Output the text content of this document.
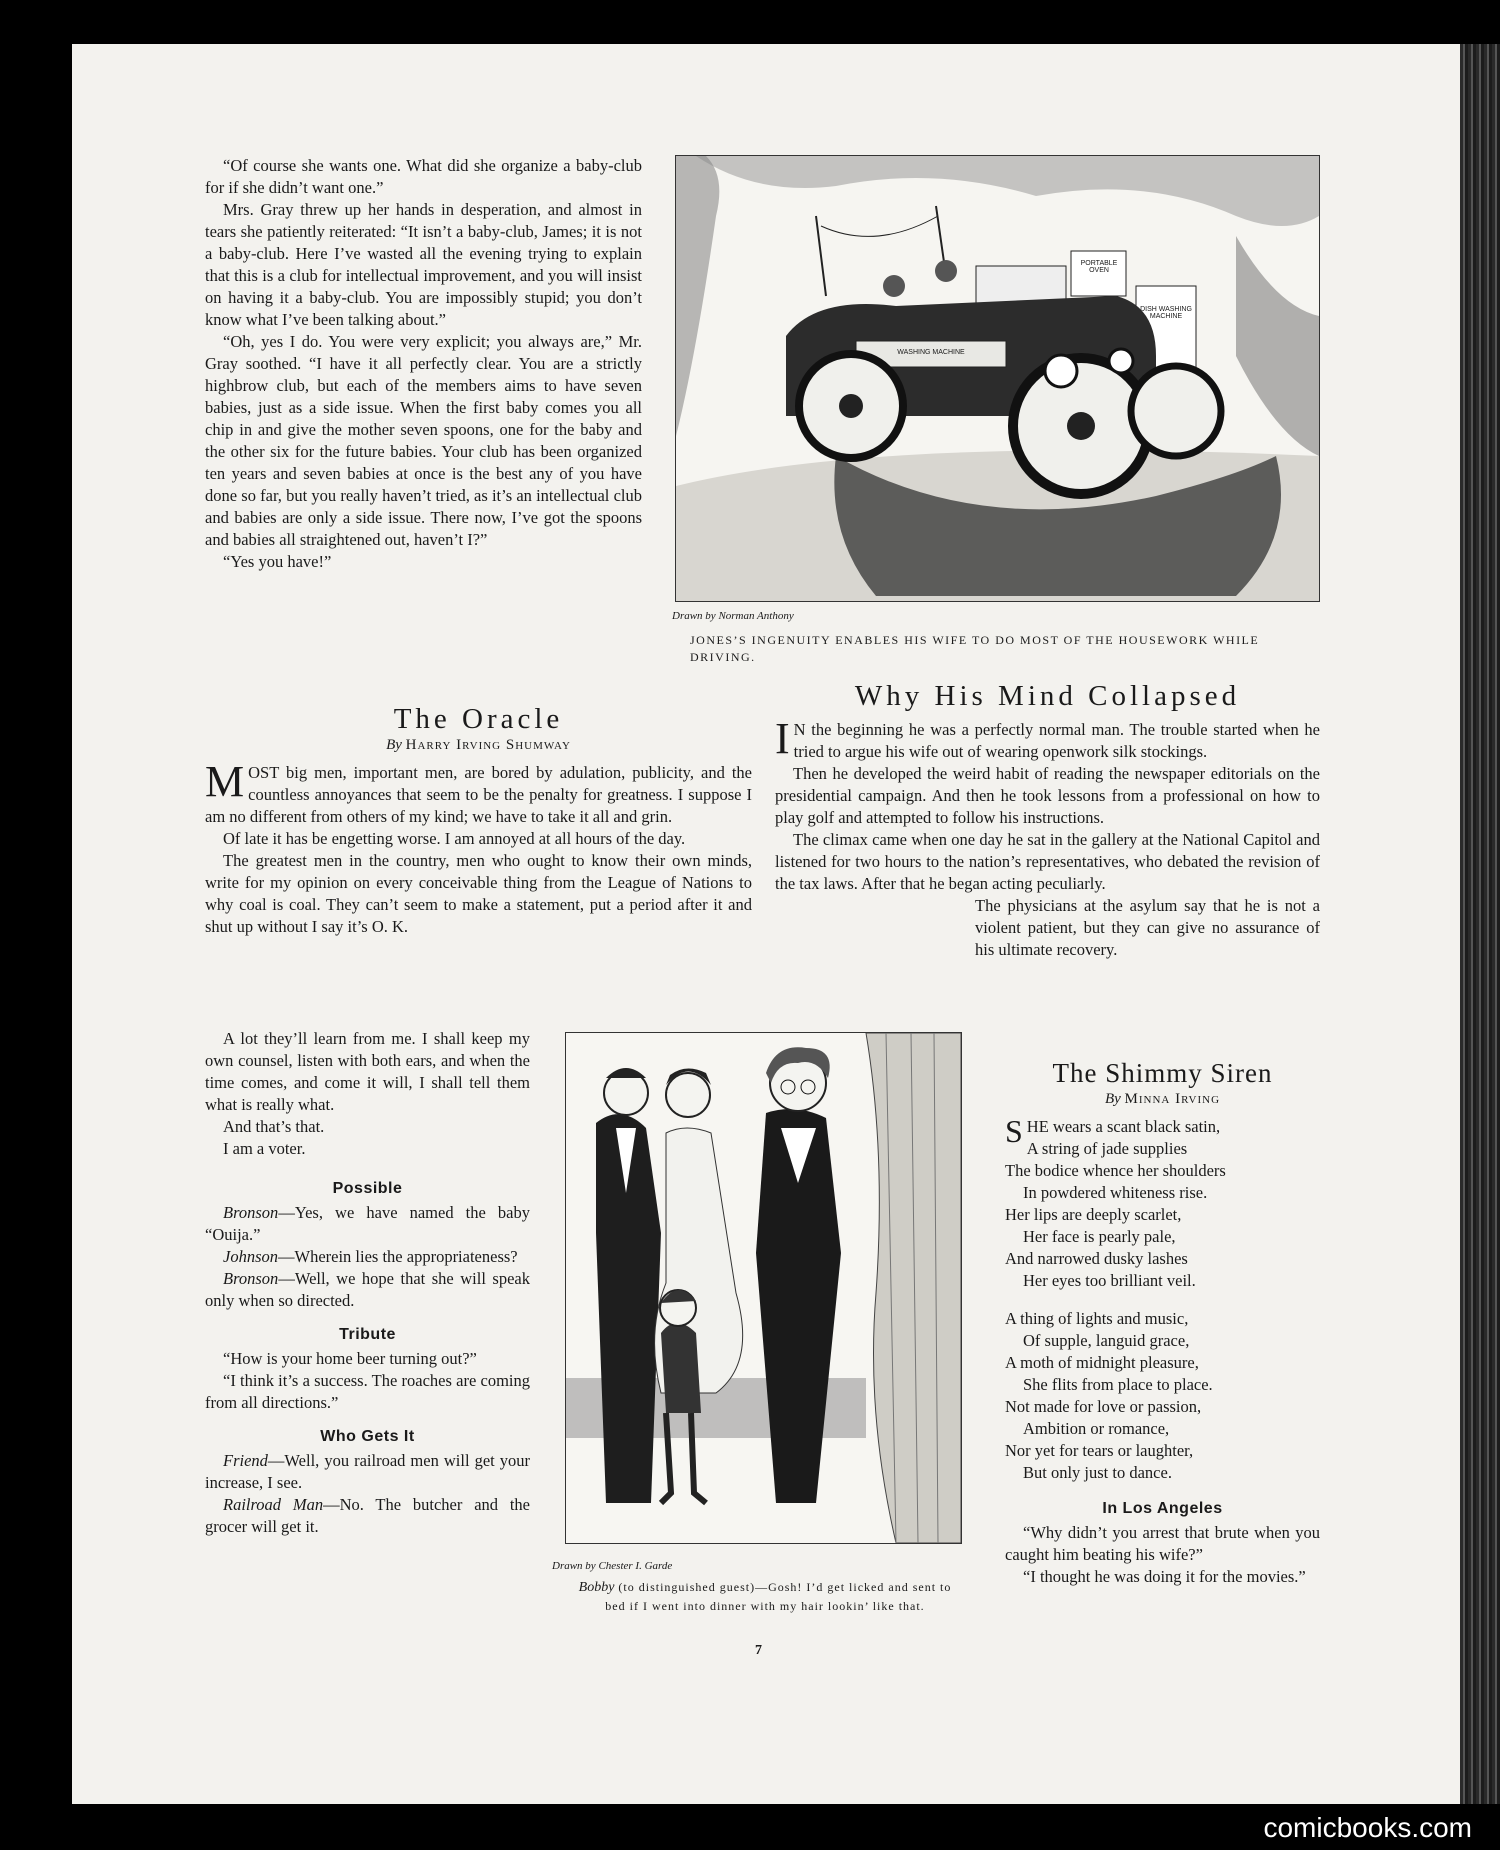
“Of course she wants one. What did she organize a baby-club for if she didn’t want one.”

Mrs. Gray threw up her hands in desperation, and almost in tears she patiently reiterated: “It isn’t a baby-club, James; it is not a baby-club. Here I’ve wasted all the evening trying to explain that this is a club for intellectual improvement, and you will insist on having it a baby-club. You are impossibly stupid; you don’t know what I’ve been talking about.”

“Oh, yes I do. You were very explicit; you always are,” Mr. Gray soothed. “I have it all perfectly clear. You are a strictly highbrow club, but each of the members aims to have seven babies, just as a side issue. When the first baby comes you all chip in and give the mother seven spoons, one for the baby and the other six for the future babies. Your club has been organized ten years and seven babies at once is the best any of you have done so far, but you really haven’t tried, as it’s an intellectual club and babies are only a side issue. There now, I’ve got the spoons and babies all straightened out, haven’t I?”

“Yes you have!”

PORTABLE OVEN
DISH WASHING MACHINE
WASHING MACHINE
Drawn by Norman Anthony
JONES’S INGENUITY ENABLES HIS WIFE TO DO MOST OF THE HOUSEWORK WHILE DRIVING.
The Oracle
By Harry Irving Shumway

MOST big men, important men, are bored by adulation, publicity, and the countless annoyances that seem to be the penalty for greatness. I suppose I am no different from others of my kind; we have to take it all and grin.

Of late it has be engetting worse. I am annoyed at all hours of the day.

The greatest men in the country, men who ought to know their own minds, write for my opinion on every conceivable thing from the League of Nations to why coal is coal. They can’t seem to make a statement, put a period after it and shut up without I say it’s O. K.

A lot they’ll learn from me. I shall keep my own counsel, listen with both ears, and when the time comes, and come it will, I shall tell them what is really what.

And that’s that.

I am a voter.

Possible

Bronson—Yes, we have named the baby “Ouija.”

Johnson—Wherein lies the appropriateness?

Bronson—Well, we hope that she will speak only when so directed.

Tribute

“How is your home beer turning out?”

“I think it’s a success. The roaches are coming from all directions.”

Who Gets It

Friend—Well, you railroad men will get your increase, I see.

Railroad Man—No. The butcher and the grocer will get it.

Drawn by Chester I. Garde
Bobby (to distinguished guest)—Gosh! I’d get licked and sent to bed if I went into dinner with my hair lookin’ like that.
Why His Mind Collapsed

I N the beginning he was a perfectly normal man. The trouble started when he tried to argue his wife out of wearing openwork silk stockings.

Then he developed the weird habit of reading the newspaper editorials on the presidential campaign. And then he took lessons from a professional on how to play golf and attempted to follow his instructions.

The climax came when one day he sat in the gallery at the National Capitol and listened for two hours to the nation’s representatives, who debated the revision of the tax laws. After that he began acting peculiarly.

The physicians at the asylum say that he is not a violent patient, but they can give no assurance of his ultimate recovery.

The Shimmy Siren
By Minna Irving
SHE wears a scant black satin,
A string of jade supplies
The bodice whence her shoulders
In powdered whiteness rise.
Her lips are deeply scarlet,
Her face is pearly pale,
And narrowed dusky lashes
Her eyes too brilliant veil.
A thing of lights and music,
Of supple, languid grace,
A moth of midnight pleasure,
She flits from place to place.
Not made for love or passion,
Ambition or romance,
Nor yet for tears or laughter,
But only just to dance.
In Los Angeles

“Why didn’t you arrest that brute when you caught him beating his wife?”

“I thought he was doing it for the movies.”

7
comicbooks.com
